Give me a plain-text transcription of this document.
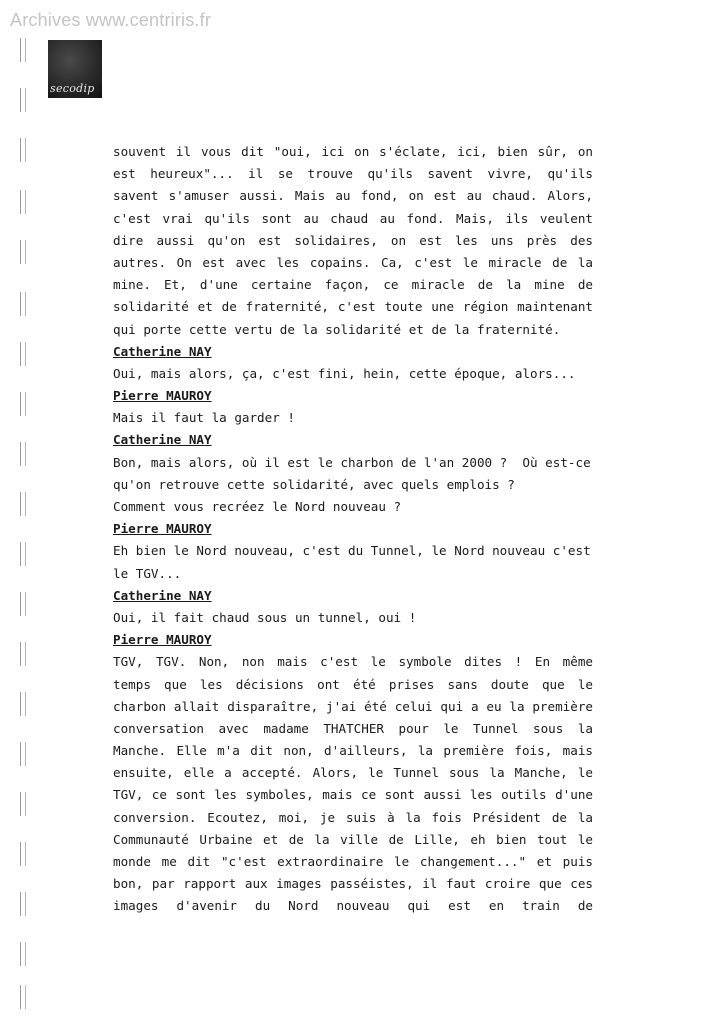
Archives www.centriris.fr
secodip
souvent il vous dit "oui, ici on s'éclate, ici, bien sûr, on
est heureux"... il se trouve qu'ils savent vivre, qu'ils
savent s'amuser aussi. Mais au fond, on est au chaud. Alors,
c'est vrai qu'ils sont au chaud au fond. Mais, ils veulent
dire aussi qu'on est solidaires, on est les uns près des
autres. On est avec les copains. Ca, c'est le miracle de la
mine. Et, d'une certaine façon, ce miracle de la mine de
solidarité et de fraternité, c'est toute une région maintenant
qui porte cette vertu de la solidarité et de la fraternité.
Catherine NAY
Oui, mais alors, ça, c'est fini, hein, cette époque, alors...
Pierre MAUROY
Mais il faut la garder !
Catherine NAY
Bon, mais alors, où il est le charbon de l'an 2000 ?  Où est-ce
qu'on retrouve cette solidarité, avec quels emplois ?
Comment vous recréez le Nord nouveau ?
Pierre MAUROY
Eh bien le Nord nouveau, c'est du Tunnel, le Nord nouveau c'est
le TGV...
Catherine NAY
Oui, il fait chaud sous un tunnel, oui !
Pierre MAUROY
TGV, TGV. Non, non mais c'est le symbole dites ! En même
temps que les décisions ont été prises sans doute que le
charbon allait disparaître, j'ai été celui qui a eu la première
conversation avec madame THATCHER pour le Tunnel sous la
Manche. Elle m'a dit non, d'ailleurs, la première fois, mais
ensuite, elle a accepté. Alors, le Tunnel sous la Manche, le
TGV, ce sont les symboles, mais ce sont aussi les outils d'une
conversion. Ecoutez, moi, je suis à la fois Président de la
Communauté Urbaine et de la ville de Lille, eh bien tout le
monde me dit "c'est extraordinaire le changement..." et puis
bon, par rapport aux images passéistes, il faut croire que ces
images d'avenir du Nord nouveau qui est en train de
